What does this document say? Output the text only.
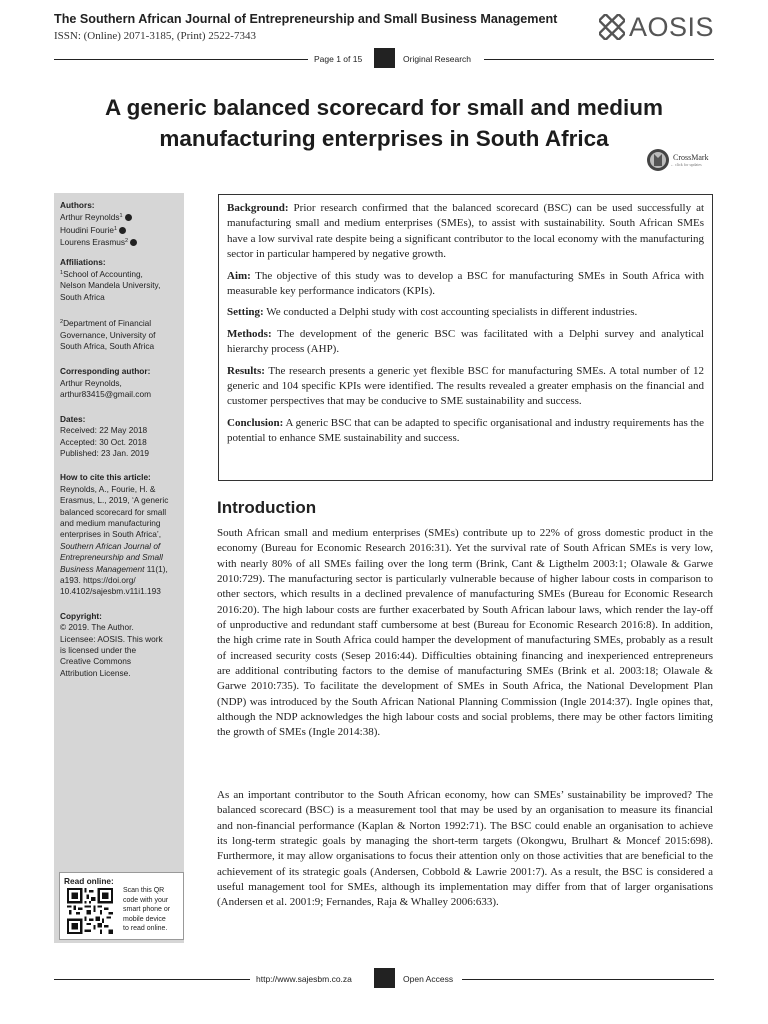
The Southern African Journal of Entrepreneurship and Small Business Management
ISSN: (Online) 2071-3185, (Print) 2522-7343	AOSIS
Page 1 of 15	Original Research
A generic balanced scorecard for small and medium
manufacturing enterprises in South Africa
CrossMark
← click for updates
Authors:
Arthur Reynolds$^1$
Houdini Fourie$^1$
Lourens Erasmus$^2$
Affiliations:
$^1$School of Accounting,
Nelson Mandela University,
South Africa
$^2$Department of Financial
Governance, University of
South Africa, South Africa
Corresponding author:
Arthur Reynolds,
arthur83415@gmail.com
Dates:
Received: 22 May 2018
Accepted: 30 Oct. 2018
Published: 23 Jan. 2019
How to cite this article:
Reynolds, A., Fourie, H. &
Erasmus, L., 2019, ‘A generic
balanced scorecard for small
and medium manufacturing
enterprises in South Africa’,
Southern African Journal of
Entrepreneurship and Small
Business Management 11(1),
a193. https://doi.org/
10.4102/sajesbm.v11i1.193
Copyright:
© 2019. The Author.
Licensee: AOSIS. This work
is licensed under the
Creative Commons
Attribution License.
Read online:
Scan this QR
code with your
smart phone or
mobile device
to read online.

Background: Prior research confirmed that the balanced scorecard (BSC) can be used successfully at manufacturing small and medium enterprises (SMEs), to assist with sustainability. South African SMEs have a low survival rate despite being a significant contributor to the local economy with the manufacturing sector in particular hampered by negative growth.

Aim: The objective of this study was to develop a BSC for manufacturing SMEs in South Africa with measurable key performance indicators (KPIs).

Setting: We conducted a Delphi study with cost accounting specialists in different industries.

Methods: The development of the generic BSC was facilitated with a Delphi survey and analytical hierarchy process (AHP).

Results: The research presents a generic yet flexible BSC for manufacturing SMEs. A total number of 12 generic and 104 specific KPIs were identified. The results revealed a greater emphasis on the financial and customer perspectives that may be conducive to SME sustainability and success.

Conclusion: A generic BSC that can be adapted to specific organisational and industry requirements has the potential to enhance SME sustainability and success.

Introduction

South African small and medium enterprises (SMEs) contribute up to 22% of gross domestic product in the economy (Bureau for Economic Research 2016:31). Yet the survival rate of South African SMEs is very low, with nearly 80% of all SMEs failing over the long term (Brink, Cant & Ligthelm 2003:1; Olawale & Garwe 2010:729). The manufacturing sector is particularly vulnerable because of higher labour costs in comparison to other sectors, which results in a declined prevalence of manufacturing SMEs (Bureau for Economic Research 2016:20). The high labour costs are further exacerbated by South African labour laws, which render the lay-off of unproductive and redundant staff cumbersome at best (Bureau for Economic Research 2016:8). In addition, the high crime rate in South Africa could hamper the development of manufacturing SMEs, probably as a result of increased security costs (Sesep 2016:44). Difficulties obtaining financing and inexperienced entrepreneurs are additional contributing factors to the demise of manufacturing SMEs (Brink et al. 2003:18; Olawale & Garwe 2010:735). To facilitate the development of SMEs in South Africa, the National Development Plan (NDP) was introduced by the South African National Planning Commission (Ingle 2014:37). Ingle opines that, although the NDP acknowledges the high labour costs and social problems, there may be other factors limiting the growth of SMEs (Ingle 2014:38).

As an important contributor to the South African economy, how can SMEs’ sustainability be improved? The balanced scorecard (BSC) is a measurement tool that may be used by an organisation to measure its financial and non-financial performance (Kaplan & Norton 1992:71). The BSC could enable an organisation to achieve its long-term strategic goals by managing the short-term targets (Okongwu, Brulhart & Moncef 2015:698). Furthermore, it may allow organisations to focus their attention only on those activities that are beneficial to the achievement of its strategic goals (Andersen, Cobbold & Lawrie 2001:7). As a result, the BSC is considered a useful management tool for SMEs, although its implementation may differ from that of larger organisations (Andersen et al. 2001:9; Fernandes, Raja & Whalley 2006:633).

http://www.sajesbm.co.za	Open Access
